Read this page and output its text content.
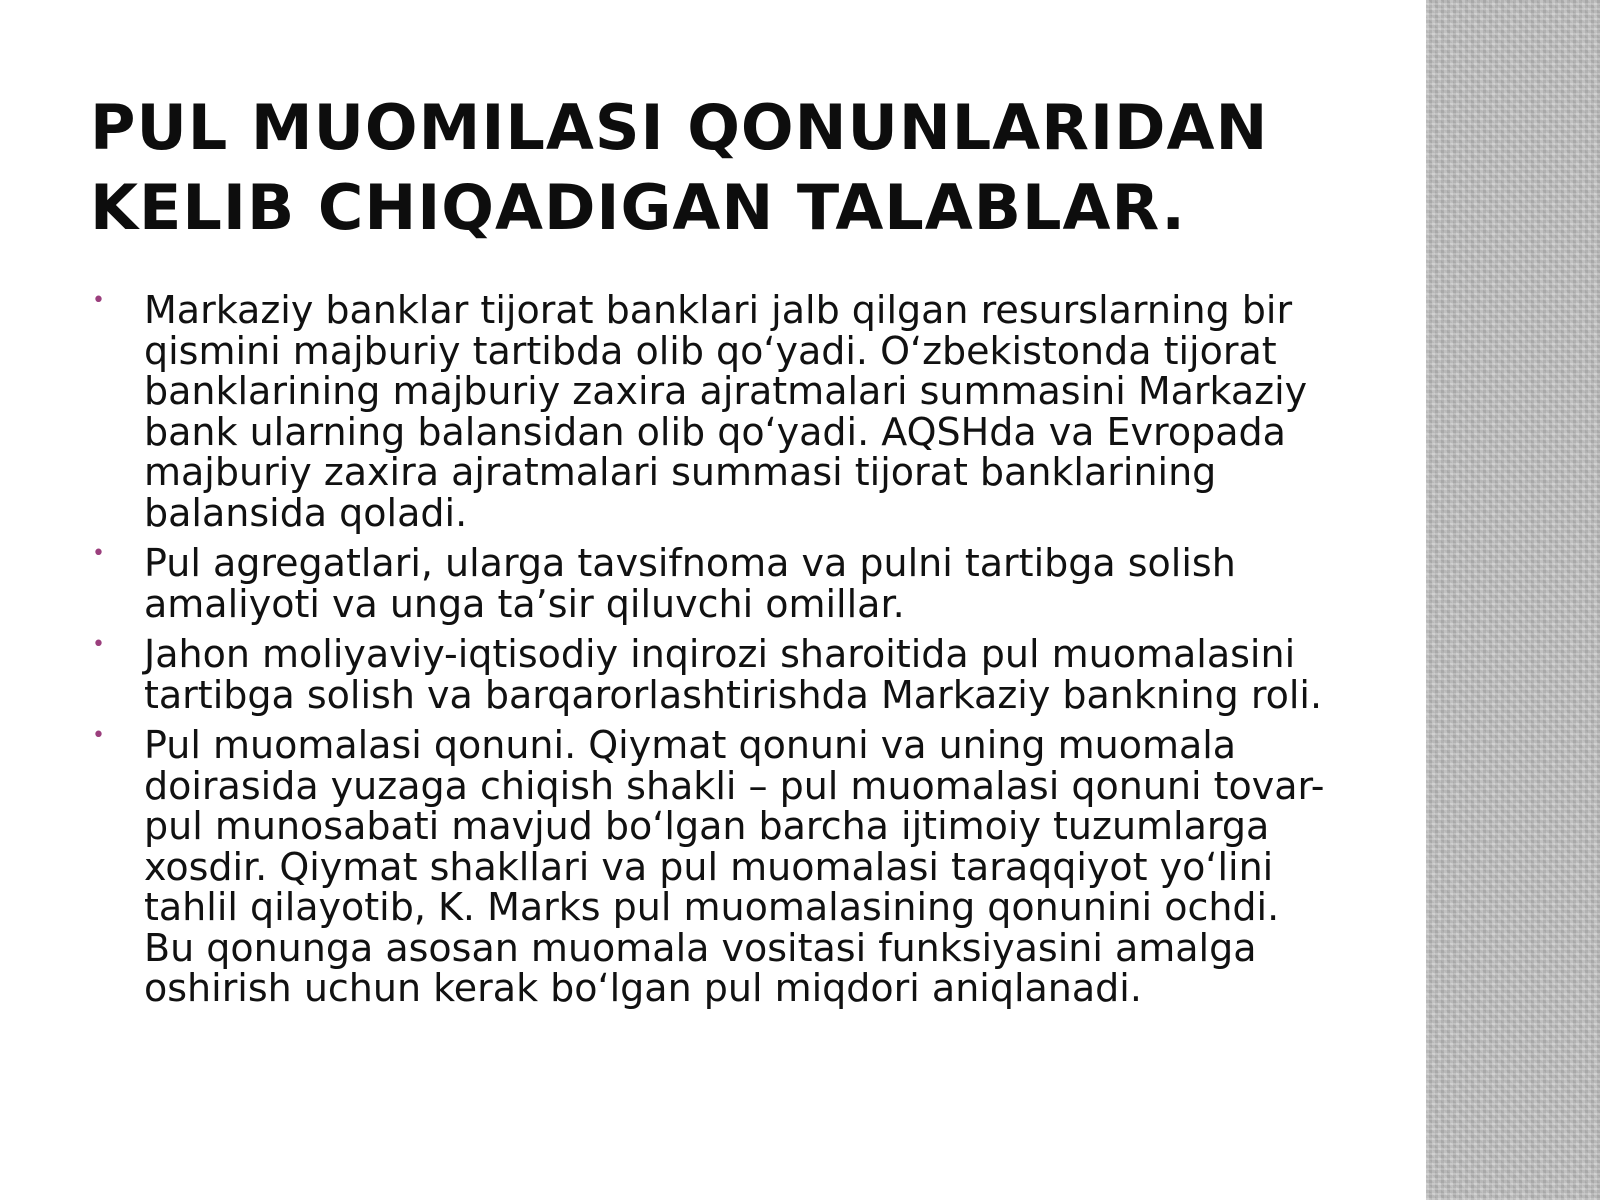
PUL MUOMILASI QONUNLARIDAN KELIB CHIQADIGAN TALABLAR.
• Markaziy banklar tijorat banklari jalb qilgan resurslarning bir qismini majburiy tartibda olib qo‘yadi. O‘zbekistonda tijorat banklarining majburiy zaxira ajratmalari summasini Markaziy bank ularning balansidan olib qo‘yadi. AQSHda va Evropada majburiy zaxira ajratmalari summasi tijorat banklarining balansida qoladi.
• Pul agregatlari, ularga tavsifnoma va pulni tartibga solish amaliyoti va unga ta’sir qiluvchi omillar.
• Jahon moliyaviy-iqtisodiy inqirozi sharoitida pul muomalasini tartibga solish va barqarorlashtirishda Markaziy bankning roli.
• Pul muomalasi qonuni. Qiymat qonuni va uning muomala doirasida yuzaga chiqish shakli – pul muomalasi qonuni tovar-pul munosabati mavjud bo‘lgan barcha ijtimoiy tuzumlarga xosdir. Qiymat shakllari va pul muomalasi taraqqiyot yo‘lini tahlil qilayotib, K. Marks pul muomalasining qonunini ochdi. Bu qonunga asosan muomala vositasi funksiyasini amalga oshirish uchun kerak bo‘lgan pul miqdori aniqlanadi.
